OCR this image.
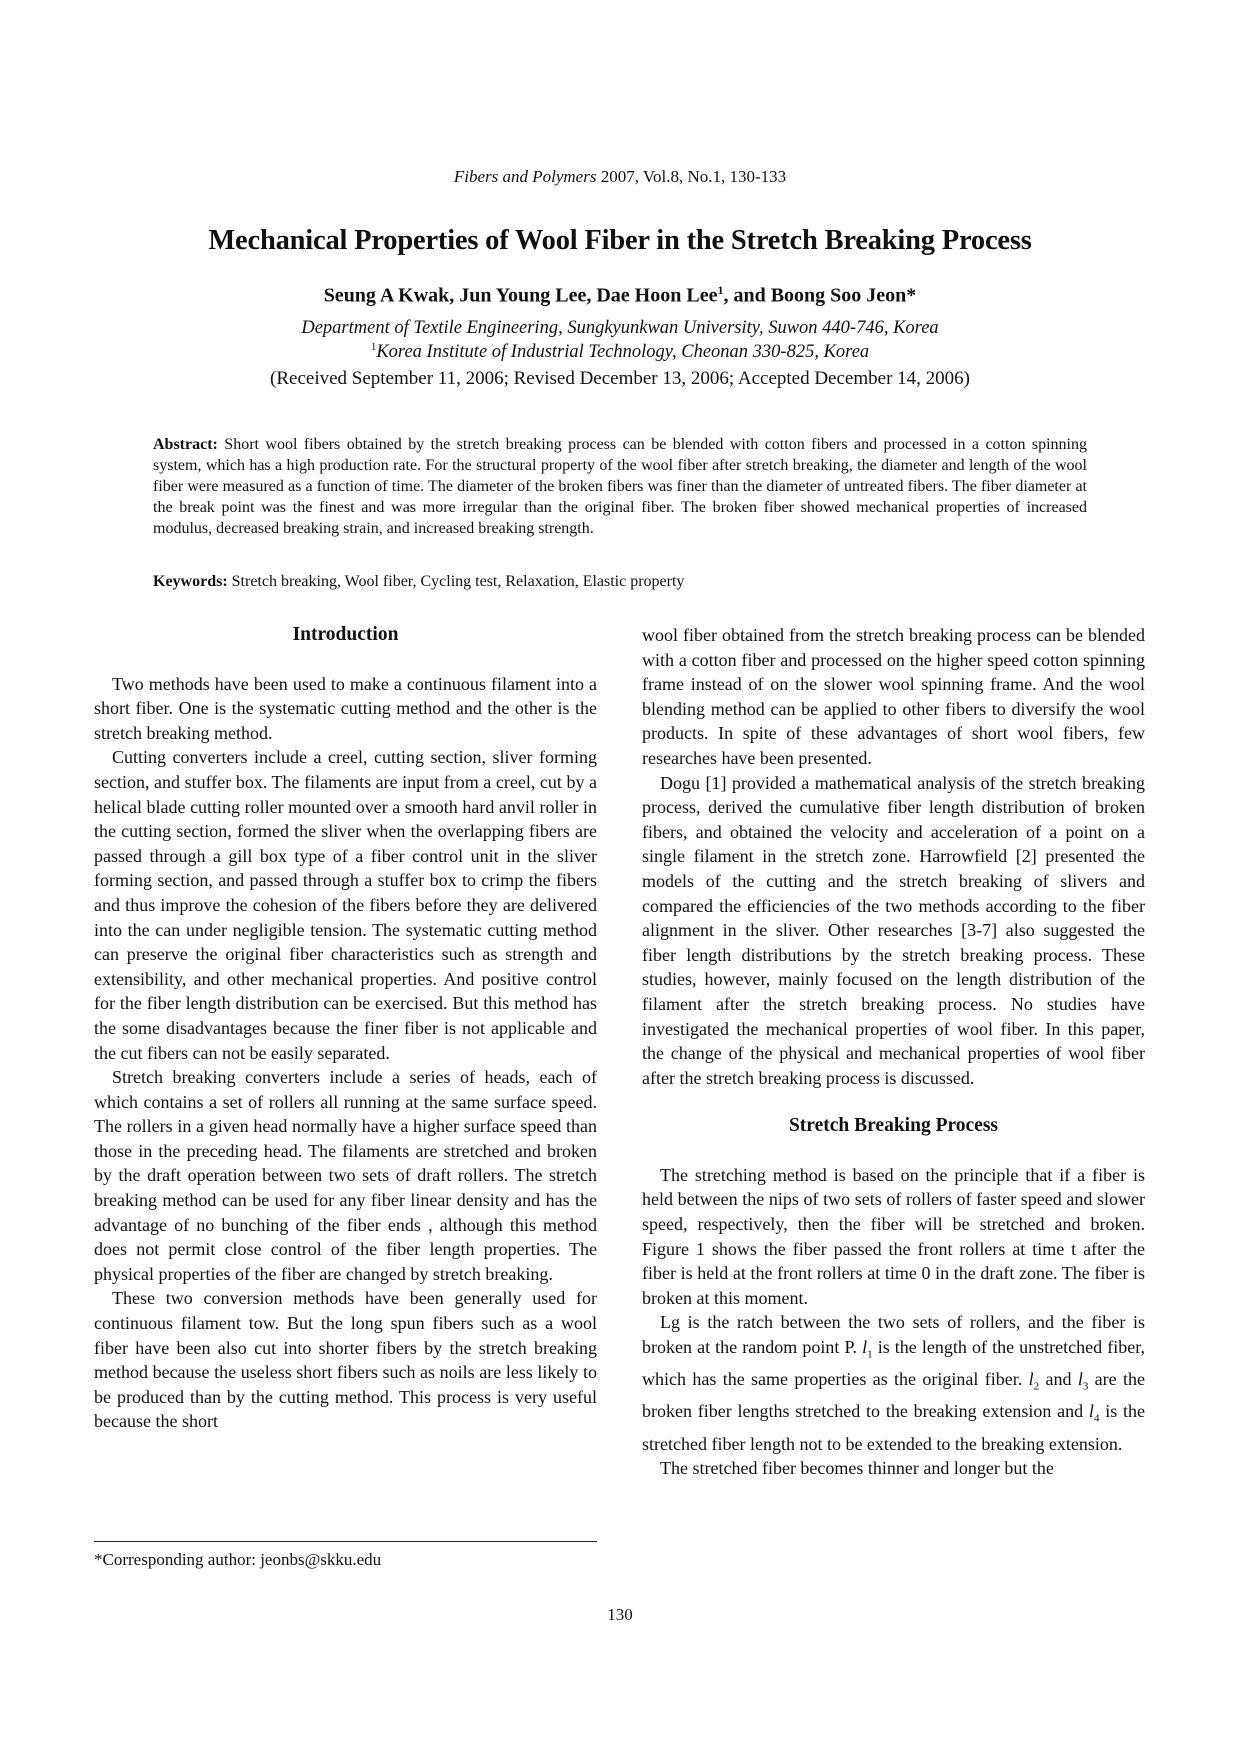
Fibers and Polymers 2007, Vol.8, No.1, 130-133
Mechanical Properties of Wool Fiber in the Stretch Breaking Process
Seung A Kwak, Jun Young Lee, Dae Hoon Lee$^1$, and Boong Soo Jeon*
Department of Textile Engineering, Sungkyunkwan University, Suwon 440-746, Korea
$^1$Korea Institute of Industrial Technology, Cheonan 330-825, Korea
(Received September 11, 2006; Revised December 13, 2006; Accepted December 14, 2006)
Abstract: Short wool fibers obtained by the stretch breaking process can be blended with cotton fibers and processed in a cotton spinning system, which has a high production rate. For the structural property of the wool fiber after stretch breaking, the diameter and length of the wool fiber were measured as a function of time. The diameter of the broken fibers was finer than the diameter of untreated fibers. The fiber diameter at the break point was the finest and was more irregular than the original fiber. The broken fiber showed mechanical properties of increased modulus, decreased breaking strain, and increased breaking strength.
Keywords: Stretch breaking, Wool fiber, Cycling test, Relaxation, Elastic property

Introduction

Two methods have been used to make a continuous filament into a short fiber. One is the systematic cutting method and the other is the stretch breaking method.

Cutting converters include a creel, cutting section, sliver forming section, and stuffer box. The filaments are input from a creel, cut by a helical blade cutting roller mounted over a smooth hard anvil roller in the cutting section, formed the sliver when the overlapping fibers are passed through a gill box type of a fiber control unit in the sliver forming section, and passed through a stuffer box to crimp the fibers and thus improve the cohesion of the fibers before they are delivered into the can under negligible tension. The systematic cutting method can preserve the original fiber characteristics such as strength and extensibility, and other mechanical properties. And positive control for the fiber length distribution can be exercised. But this method has the some disadvantages because the finer fiber is not applicable and the cut fibers can not be easily separated.

Stretch breaking converters include a series of heads, each of which contains a set of rollers all running at the same surface speed. The rollers in a given head normally have a higher surface speed than those in the preceding head. The filaments are stretched and broken by the draft operation between two sets of draft rollers. The stretch breaking method can be used for any fiber linear density and has the advantage of no bunching of the fiber ends , although this method does not permit close control of the fiber length properties. The physical properties of the fiber are changed by stretch breaking.

These two conversion methods have been generally used for continuous filament tow. But the long spun fibers such as a wool fiber have been also cut into shorter fibers by the stretch breaking method because the useless short fibers such as noils are less likely to be produced than by the cutting method. This process is very useful because the short

*Corresponding author: jeonbs@skku.edu

wool fiber obtained from the stretch breaking process can be blended with a cotton fiber and processed on the higher speed cotton spinning frame instead of on the slower wool spinning frame. And the wool blending method can be applied to other fibers to diversify the wool products. In spite of these advantages of short wool fibers, few researches have been presented.

Dogu [1] provided a mathematical analysis of the stretch breaking process, derived the cumulative fiber length distribution of broken fibers, and obtained the velocity and acceleration of a point on a single filament in the stretch zone. Harrowfield [2] presented the models of the cutting and the stretch breaking of slivers and compared the efficiencies of the two methods according to the fiber alignment in the sliver. Other researches [3-7] also suggested the fiber length distributions by the stretch breaking process. These studies, however, mainly focused on the length distribution of the filament after the stretch breaking process. No studies have investigated the mechanical properties of wool fiber. In this paper, the change of the physical and mechanical properties of wool fiber after the stretch breaking process is discussed.

Stretch Breaking Process

The stretching method is based on the principle that if a fiber is held between the nips of two sets of rollers of faster speed and slower speed, respectively, then the fiber will be stretched and broken. Figure 1 shows the fiber passed the front rollers at time t after the fiber is held at the front rollers at time 0 in the draft zone. The fiber is broken at this moment.

Lg is the ratch between the two sets of rollers, and the fiber is broken at the random point P. $l_1$ is the length of the unstretched fiber, which has the same properties as the original fiber. $l_2$ and $l_3$ are the broken fiber lengths stretched to the breaking extension and $l_4$ is the stretched fiber length not to be extended to the breaking extension.

The stretched fiber becomes thinner and longer but the

130
